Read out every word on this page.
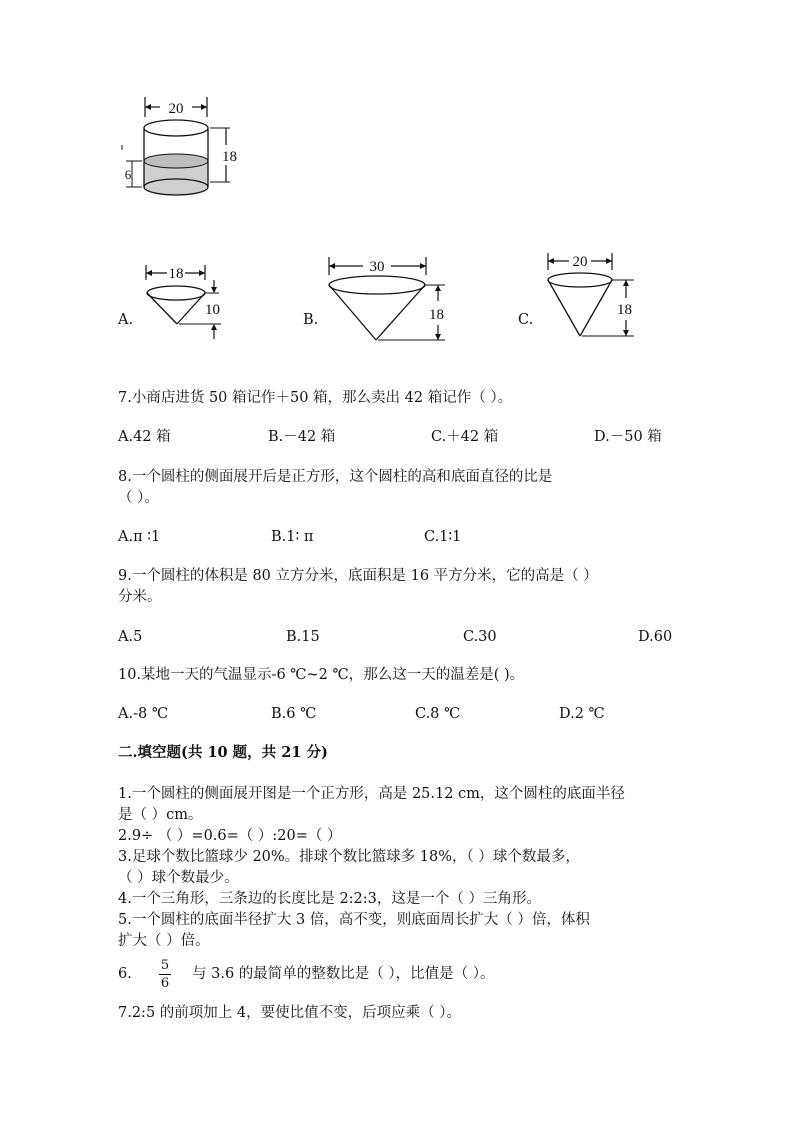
20
18
6
A.
18
10
B.
30
18	C.
20
18
7.小商店进货 50 箱记作＋50 箱，那么卖出 42 箱记作（ ）。
A.42 箱	B.－42 箱	C.＋42 箱	D.－50 箱
8.一个圆柱的侧面展开后是正方形，这个圆柱的高和底面直径的比是
（ ）。
A.π ∶1	B.1∶ π	C.1∶1
9.一个圆柱的体积是 80 立方分米，底面积是 16 平方分米，它的高是（ ）
分米。
A.5	B.15	C.30	D.60
10.某地一天的气温显示-6 ℃~2 ℃，那么这一天的温差是( )。
A.-8 ℃	B.6 ℃	C.8 ℃	D.2 ℃
二.填空题(共 10 题，共 21 分)
1.一个圆柱的侧面展开图是一个正方形，高是 25.12 cm，这个圆柱的底面半径
是（ ）cm。
2.9÷ （ ）=0.6=（ ）:20=（ ）
3.足球个数比篮球少 20%。排球个数比篮球多 18%，（ ）球个数最多，
（ ）球个数最少。
4.一个三角形，三条边的长度比是 2:2:3，这是一个（ ）三角形。
5.一个圆柱的底面半径扩大 3 倍，高不变，则底面周长扩大（ ）倍，体积
扩大（ ）倍。
6.
5
6
与 3.6 的最简单的整数比是（ ），比值是（ ）。
7.2:5 的前项加上 4，要使比值不变，后项应乘（ ）。
